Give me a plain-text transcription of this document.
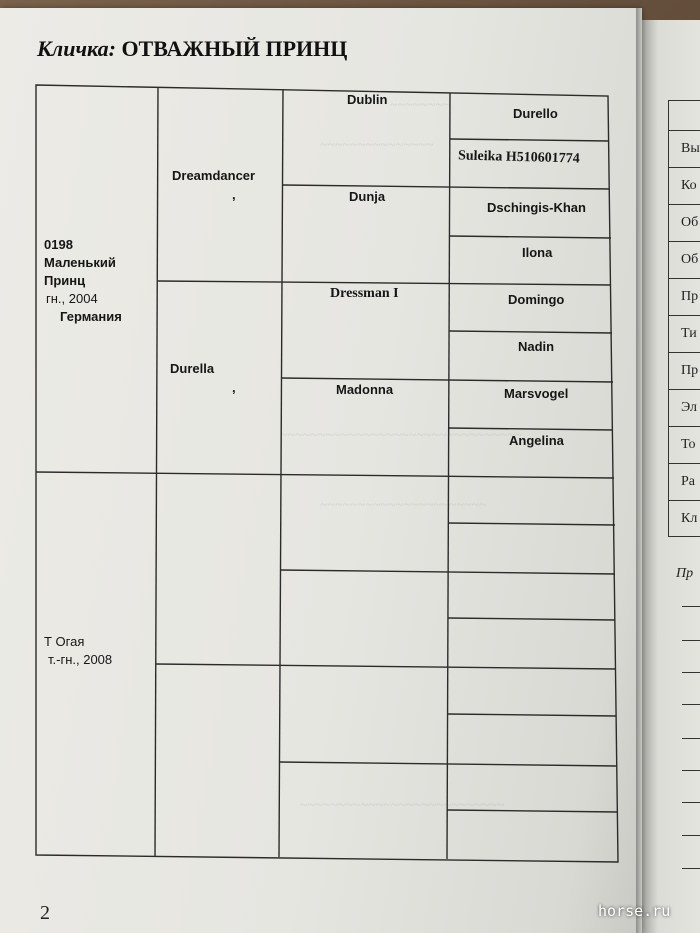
~~~~~~~~
~~~~~~~~~~~~~~~
~~~~~~~~~~~~~~~~~~~~~~~~~~~~~~~~
~~~~~~~~~~~~~~~~~~~~~~
~~~~~~~~~~~~~~~~~~~~~~~~~~~
Кличка: ОТВАЖНЫЙ ПРИНЦ
0198
Маленький
Принц
гн., 2004
Германия
Т Огая
т.-гн., 2008
Dreamdancer
,
Durella
,
Dublin
Dunja
Dressman I
Madonna
Durello
Suleika H510601774
Dschingis-Khan
Ilona
Domingo
Nadin
Marsvogel
Angelina
Вы
Ко
Об
Об
Пр
Ти
Пр
Эл
То
Ра
Кл
Пр
2	horse.ru
